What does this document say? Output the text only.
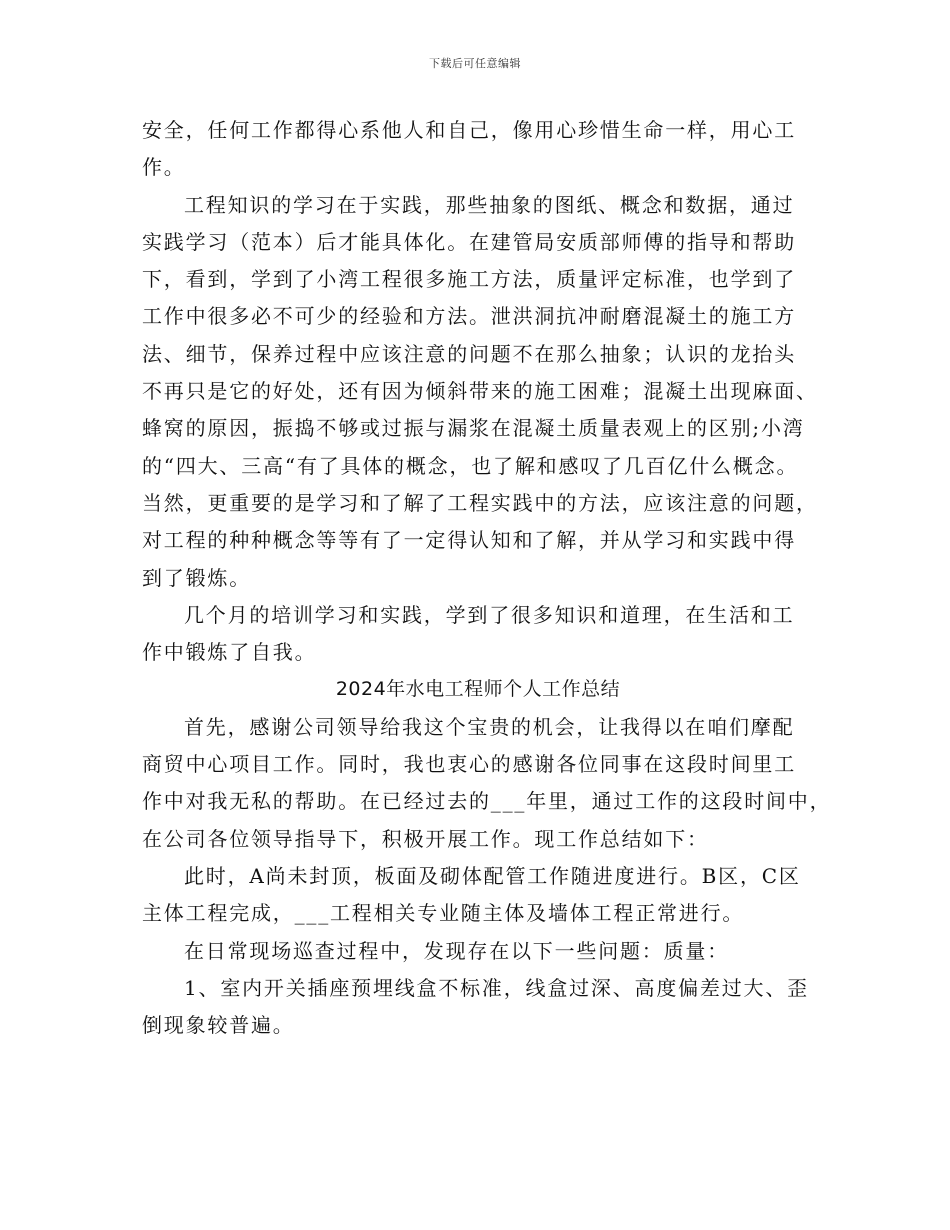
下载后可任意编辑
安全，任何工作都得心系他人和自己，像用心珍惜生命一样，用心工
作。
工程知识的学习在于实践，那些抽象的图纸、概念和数据，通过
实践学习（范本）后才能具体化。在建管局安质部师傅的指导和帮助
下，看到，学到了小湾工程很多施工方法，质量评定标准，也学到了
工作中很多必不可少的经验和方法。泄洪洞抗冲耐磨混凝土的施工方
法、细节，保养过程中应该注意的问题不在那么抽象；认识的龙抬头
不再只是它的好处，还有因为倾斜带来的施工困难；混凝土出现麻面、
蜂窝的原因，振捣不够或过振与漏浆在混凝土质量表观上的区别;小湾
的“四大、三高“有了具体的概念，也了解和感叹了几百亿什么概念。
当然，更重要的是学习和了解了工程实践中的方法，应该注意的问题，
对工程的种种概念等等有了一定得认知和了解，并从学习和实践中得
到了锻炼。
几个月的培训学习和实践，学到了很多知识和道理，在生活和工
作中锻炼了自我。
2024年水电工程师个人工作总结
首先，感谢公司领导给我这个宝贵的机会，让我得以在咱们摩配
商贸中心项目工作。同时，我也衷心的感谢各位同事在这段时间里工
作中对我无私的帮助。在已经过去的___年里，通过工作的这段时间中，
在公司各位领导指导下，积极开展工作。现工作总结如下：
此时，A尚未封顶，板面及砌体配管工作随进度进行。B区，C区
主体工程完成，___工程相关专业随主体及墙体工程正常进行。
在日常现场巡查过程中，发现存在以下一些问题：质量：
1、室内开关插座预埋线盒不标准，线盒过深、高度偏差过大、歪
倒现象较普遍。
